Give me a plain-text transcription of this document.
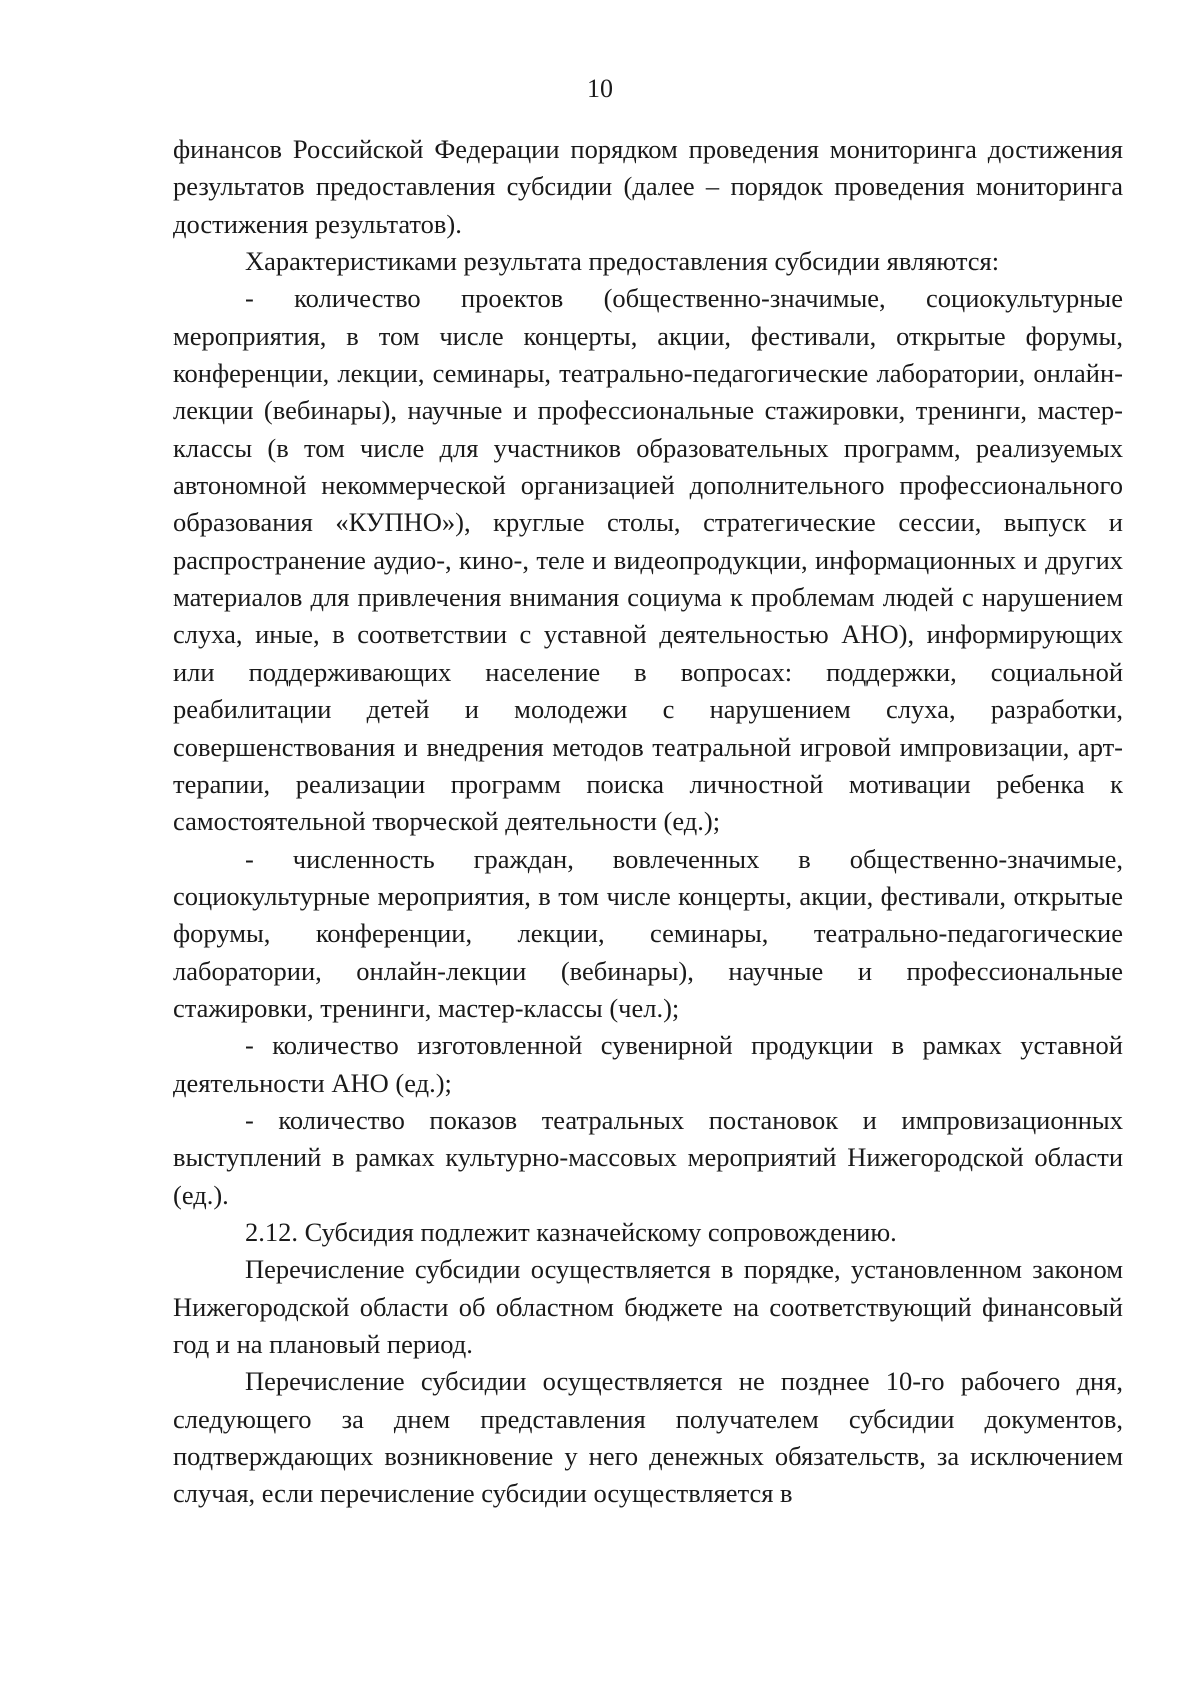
10

финансов Российской Федерации порядком проведения мониторинга достижения результатов предоставления субсидии (далее – порядок проведения мониторинга достижения результатов).

Характеристиками результата предоставления субсидии являются:

- количество проектов (общественно-значимые, социокультурные мероприятия, в том числе концерты, акции, фестивали, открытые форумы, конференции, лекции, семинары, театрально-педагогические лаборатории, онлайн-лекции (вебинары), научные и профессиональные стажировки, тренинги, мастер-классы (в том числе для участников образовательных программ, реализуемых автономной некоммерческой организацией дополнительного профессионального образования «КУПНО»), круглые столы, стратегические сессии, выпуск и распространение аудио-, кино-, теле и видеопродукции, информационных и других материалов для привлечения внимания социума к проблемам людей с нарушением слуха, иные, в соответствии с уставной деятельностью АНО), информирующих или поддерживающих население в вопросах: поддержки, социальной реабилитации детей и молодежи с нарушением слуха, разработки, совершенствования и внедрения методов театральной игровой импровизации, арт-терапии, реализации программ поиска личностной мотивации ребенка к самостоятельной творческой деятельности (ед.);

- численность граждан, вовлеченных в общественно-значимые, социокультурные мероприятия, в том числе концерты, акции, фестивали, открытые форумы, конференции, лекции, семинары, театрально-педагогические лаборатории, онлайн-лекции (вебинары), научные и профессиональные стажировки, тренинги, мастер-классы (чел.);

- количество изготовленной сувенирной продукции в рамках уставной деятельности АНО (ед.);

- количество показов театральных постановок и импровизационных выступлений в рамках культурно-массовых мероприятий Нижегородской области (ед.).

2.12. Субсидия подлежит казначейскому сопровождению.

Перечисление субсидии осуществляется в порядке, установленном законом Нижегородской области об областном бюджете на соответствующий финансовый год и на плановый период.

Перечисление субсидии осуществляется не позднее 10-го рабочего дня, следующего за днем представления получателем субсидии документов, подтверждающих возникновение у него денежных обязательств, за исключением случая, если перечисление субсидии осуществляется в
